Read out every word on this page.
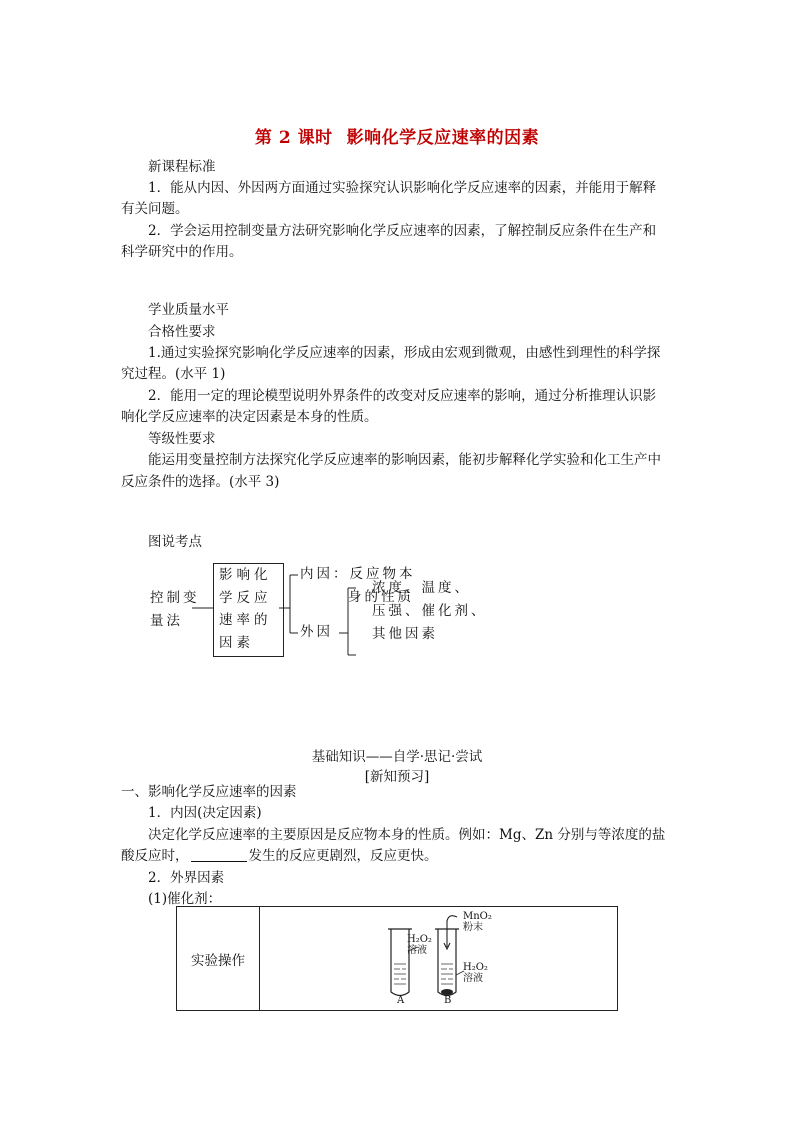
第 2 课时 影响化学反应速率的因素
新课程标准
1．能从内因、外因两方面通过实验探究认识影响化学反应速率的因素，并能用于解释
有关问题。
2．学会运用控制变量方法研究影响化学反应速率的因素，了解控制反应条件在生产和
科学研究中的作用。
学业质量水平
合格性要求
1.通过实验探究影响化学反应速率的因素，形成由宏观到微观，由感性到理性的科学探
究过程。(水平 1)
2．能用一定的理论模型说明外界条件的改变对反应速率的影响，通过分析推理认识影
响化学反应速率的决定因素是本身的性质。
等级性要求
能运用变量控制方法探究化学反应速率的影响因素，能初步解释化学实验和化工生产中
反应条件的选择。(水平 3)
图说考点
控制变
量法
影响化
学反应
速率的
因素
内因：反应物本
身的性质
外因
浓度、温度、
压强、催化剂、
其他因素
基础知识——自学·思记·尝试
[新知预习]
一、影响化学反应速率的因素
1．内因(决定因素)
决定化学反应速率的主要原因是反应物本身的性质。例如：Mg、Zn 分别与等浓度的盐
酸反应时，	发生的反应更剧烈，反应更快。
2．外界因素
(1)催化剂：
实验操作	
H₂O₂
溶液
MnO₂
粉末
H₂O₂
溶液
A	B
